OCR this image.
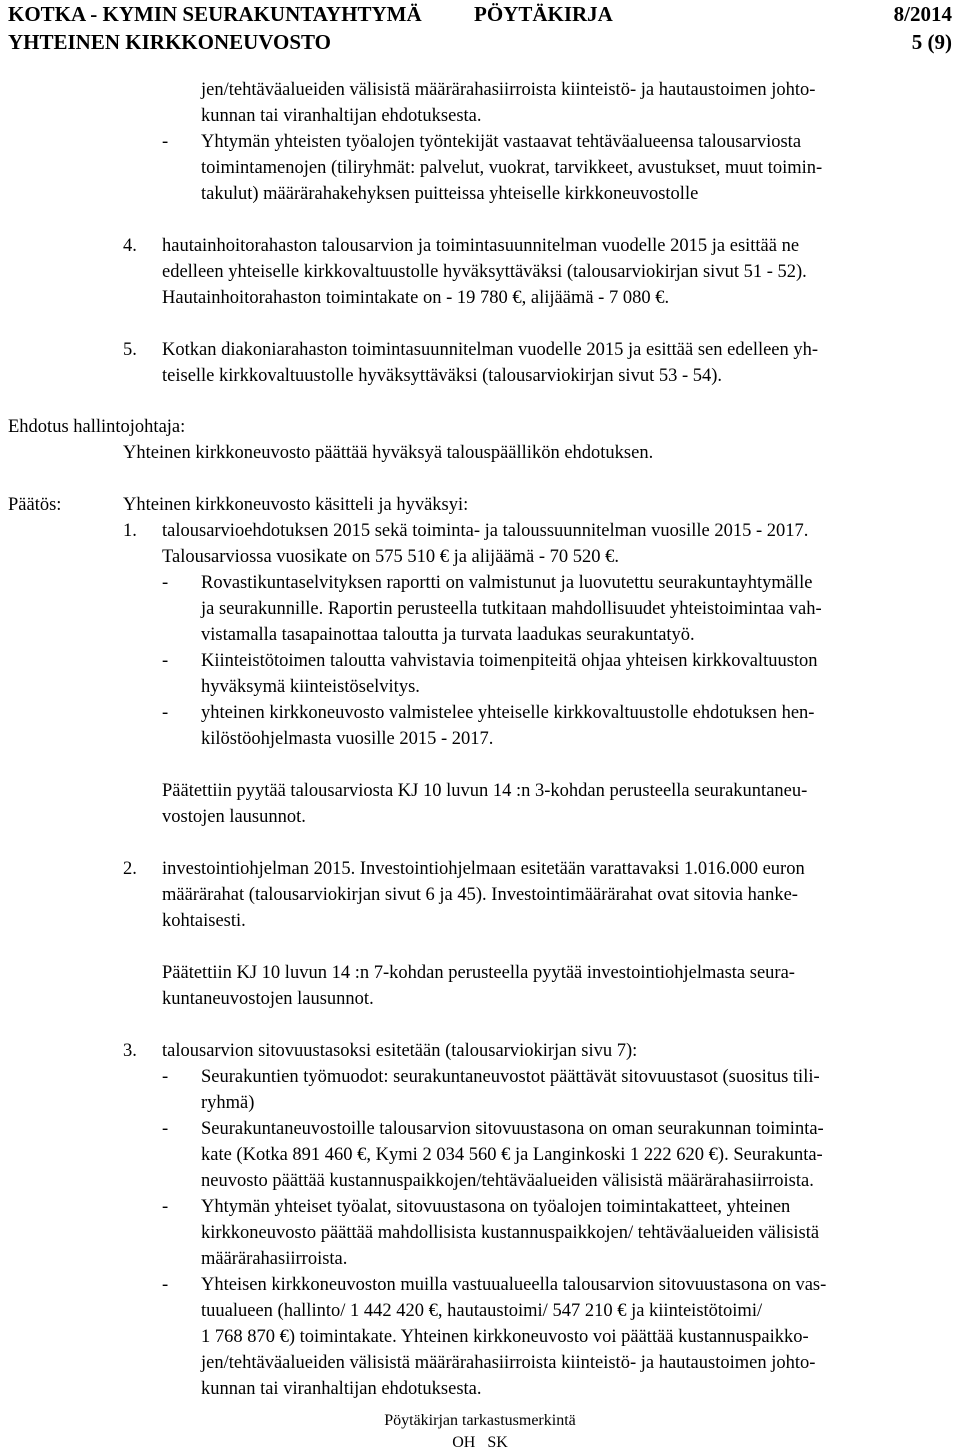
KOTKA - KYMIN SEURAKUNTAYHTYMÄ PÖYTÄKIRJA	8/2014
YHTEINEN KIRKKONEUVOSTO	5 (9)
jen/tehtäväalueiden välisistä määrärahasiirroista kiinteistö- ja hautaustoimen johto-
kunnan tai viranhaltijan ehdotuksesta.
- Yhtymän yhteisten työalojen työntekijät vastaavat tehtäväalueensa talousarviosta
toimintamenojen (tiliryhmät: palvelut, vuokrat, tarvikkeet, avustukset, muut toimin-
takulut) määrärahakehyksen puitteissa yhteiselle kirkkoneuvostolle
4. hautainhoitorahaston talousarvion ja toimintasuunnitelman vuodelle 2015 ja esittää ne
edelleen yhteiselle kirkkovaltuustolle hyväksyttäväksi (talousarviokirjan sivut 51 - 52).
Hautainhoitorahaston toimintakate on - 19 780 €, alijäämä - 7 080 €.
5. Kotkan diakoniarahaston toimintasuunnitelman vuodelle 2015 ja esittää sen edelleen yh-
teiselle kirkkovaltuustolle hyväksyttäväksi (talousarviokirjan sivut 53 - 54).
Ehdotus hallintojohtaja:
Yhteinen kirkkoneuvosto päättää hyväksyä talouspäällikön ehdotuksen.
Päätös:	Yhteinen kirkkoneuvosto käsitteli ja hyväksyi:
1. talousarvioehdotuksen 2015 sekä toiminta- ja taloussuunnitelman vuosille 2015 - 2017.
Talousarviossa vuosikate on 575 510 € ja alijäämä - 70 520 €.
- Rovastikuntaselvityksen raportti on valmistunut ja luovutettu seurakuntayhtymälle
ja seurakunnille. Raportin perusteella tutkitaan mahdollisuudet yhteistoimintaa vah-
vistamalla tasapainottaa taloutta ja turvata laadukas seurakuntatyö.
- Kiinteistötoimen taloutta vahvistavia toimenpiteitä ohjaa yhteisen kirkkovaltuuston
hyväksymä kiinteistöselvitys.
- yhteinen kirkkoneuvosto valmistelee yhteiselle kirkkovaltuustolle ehdotuksen hen-
kilöstöohjelmasta vuosille 2015 - 2017.
Päätettiin pyytää talousarviosta KJ 10 luvun 14 :n 3-kohdan perusteella seurakuntaneu-
vostojen lausunnot.
2. investointiohjelman 2015. Investointiohjelmaan esitetään varattavaksi 1.016.000 euron
määrärahat (talousarviokirjan sivut 6 ja 45). Investointimäärärahat ovat sitovia hanke-
kohtaisesti.
Päätettiin KJ 10 luvun 14 :n 7-kohdan perusteella pyytää investointiohjelmasta seura-
kuntaneuvostojen lausunnot.
3. talousarvion sitovuustasoksi esitetään (talousarviokirjan sivu 7):
- Seurakuntien työmuodot: seurakuntaneuvostot päättävät sitovuustasot (suositus tili-
ryhmä)
- Seurakuntaneuvostoille talousarvion sitovuustasona on oman seurakunnan toiminta-
kate (Kotka 891 460 €, Kymi 2 034 560 € ja Langinkoski 1 222 620 €). Seurakunta-
neuvosto päättää kustannuspaikkojen/tehtäväalueiden välisistä määrärahasiirroista.
- Yhtymän yhteiset työalat, sitovuustasona on työalojen toimintakatteet, yhteinen
kirkkoneuvosto päättää mahdollisista kustannuspaikkojen/ tehtäväalueiden välisistä
määrärahasiirroista.
- Yhteisen kirkkoneuvoston muilla vastuualueella talousarvion sitovuustasona on vas-
tuualueen (hallinto/ 1 442 420 €, hautaustoimi/ 547 210 € ja kiinteistötoimi/
1 768 870 €) toimintakate. Yhteinen kirkkoneuvosto voi päättää kustannuspaikko-
jen/tehtäväalueiden välisistä määrärahasiirroista kiinteistö- ja hautaustoimen johto-
kunnan tai viranhaltijan ehdotuksesta.
Pöytäkirjan tarkastusmerkintä
OH   SK
